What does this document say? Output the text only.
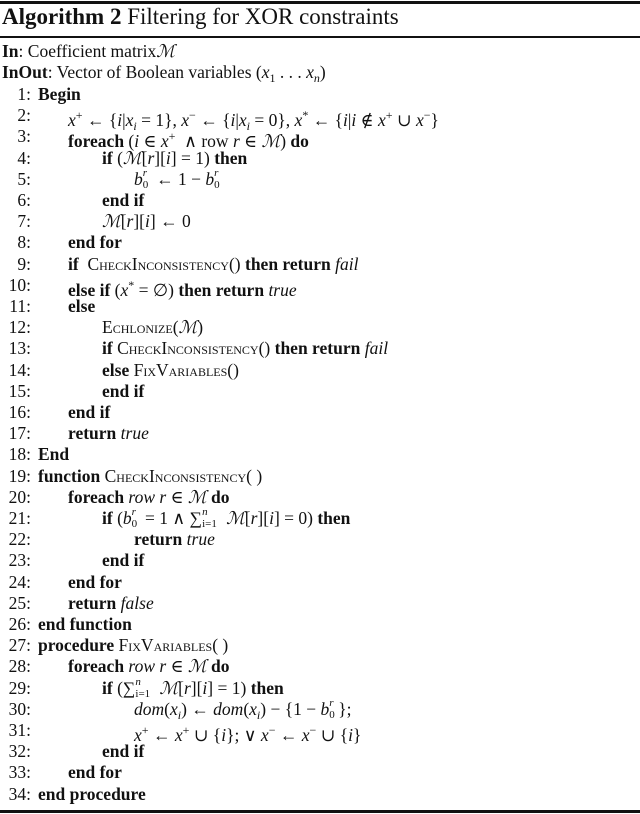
Algorithm 2 Filtering for XOR constraints
In: Coefficient matrixℳ
InOut: Vector of Boolean variables ($x_1$ . . . $x_n$)
1: Begin
2: x+ ← $\{i|x_i = 1\}$, x− ← $\{i|x_i = 0\}$, x* ← {i|i ∉ x+ ∪ x−}
3: foreach (i ∈ x+  ∧ row r ∈ ℳ) do
4:	if (ℳ[r][i] = 1) then
5:	b r
0 ← 1 − b r
0
6:	end if
7:	ℳ[r][i] ← 0
8: end for
9: if CheckInconsistency() then return fail
10: else if (x* = ∅) then return true
11: else
12:	Echlonize(ℳ)
13:	if CheckInconsistency() then return fail
14:	else FixVariables()
15:	end if
16: end if
17: return true
18: End
19: function CheckInconsistency( )
20: foreach row r ∈ ℳ do
21:	if (b r
0 = 1 ∧ ∑ n
i=1 ℳ[r][i] = 0) then
22:	return true
23:	end if
24: end for
25: return false
26: end function
27: procedure FixVariables( )
28: foreach row r ∈ ℳ do
29:	if (∑ n
i=1 ℳ[r][i] = 1) then
30:	$dom(x_i)$ ← $dom(x_i) - \{1 - b$ r
0 };
31:	x+ ← x+ ∪ {i}; ∨ x− ← x− ∪ {i}
32:	end if
33: end for
34: end procedure
